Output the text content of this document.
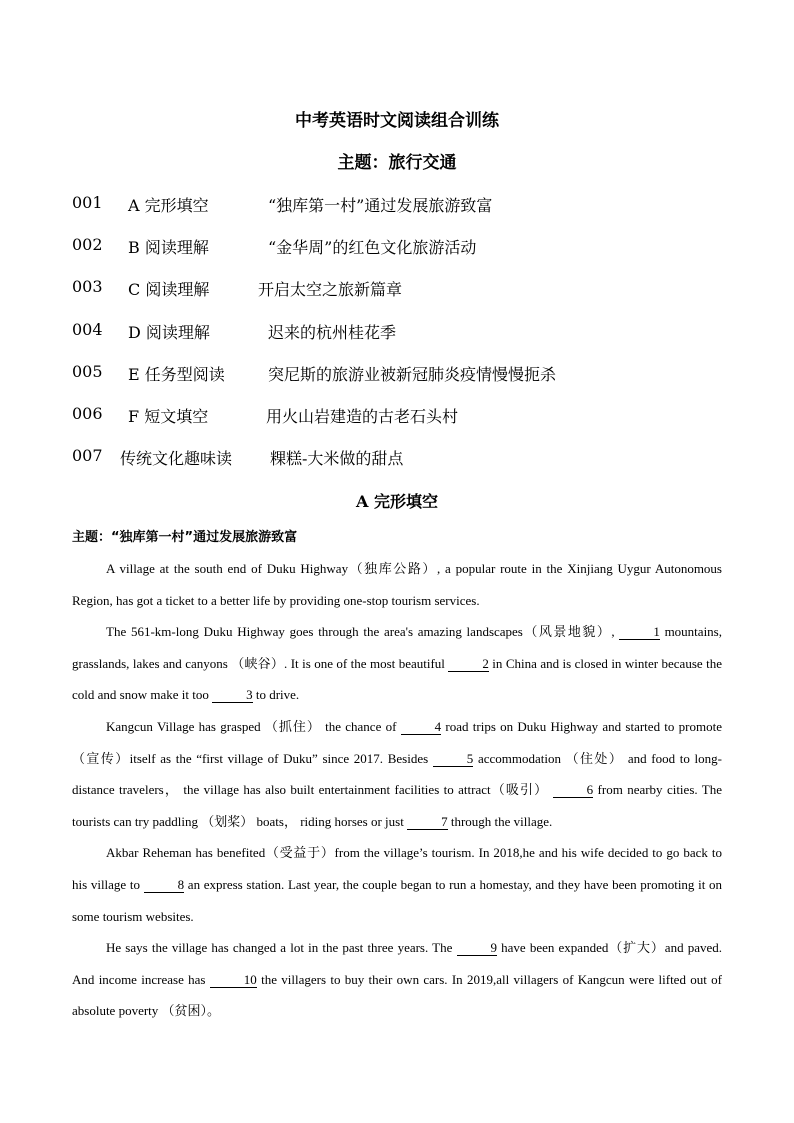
中考英语时文阅读组合训练
主题：旅行交通
001 A 完形填空	“独库第一村”通过发展旅游致富
002 B 阅读理解	“金华周”的红色文化旅游活动
003 C 阅读理解	开启太空之旅新篇章
004 D 阅读理解	迟来的杭州桂花季
005 E 任务型阅读	突尼斯的旅游业被新冠肺炎疫情慢慢扼杀
006 F 短文填空	用火山岩建造的古老石头村
007 传统文化趣味读 粿糕-大米做的甜点
A 完形填空
主题：“独库第一村”通过发展旅游致富

A village at the south end of Duku Highway（独库公路）, a popular route in the Xinjiang Uygur Autonomous Region, has got a ticket to a better life by providing one-stop tourism services.

The 561-km-long Duku Highway goes through the area's amazing landscapes（风景地貌）,	1 mountains, grasslands, lakes and canyons （峡谷）. It is one of the most beautiful	2 in China and is closed in winter because the cold and snow make it too	3 to drive.

Kangcun Village has grasped （抓住） the chance of	4 road trips on Duku Highway and started to promote（宣传）itself as the “first village of Duku” since 2017. Besides	5 accommodation （住处） and food to long-distance travelers， the village has also built entertainment facilities to attract（吸引）	6 from nearby cities. The tourists can try paddling （划桨） boats， riding horses or just	7 through the village.

Akbar Reheman has benefited（受益于）from the village’s tourism. In 2018,he and his wife decided to go back to his village to	8 an express station. Last year, the couple began to run a homestay, and they have been promoting it on some tourism websites.

He says the village has changed a lot in the past three years. The	9 have been expanded（扩大）and paved. And income increase has	10 the villagers to buy their own cars. In 2019,all villagers of Kangcun were lifted out of absolute poverty （贫困）。
